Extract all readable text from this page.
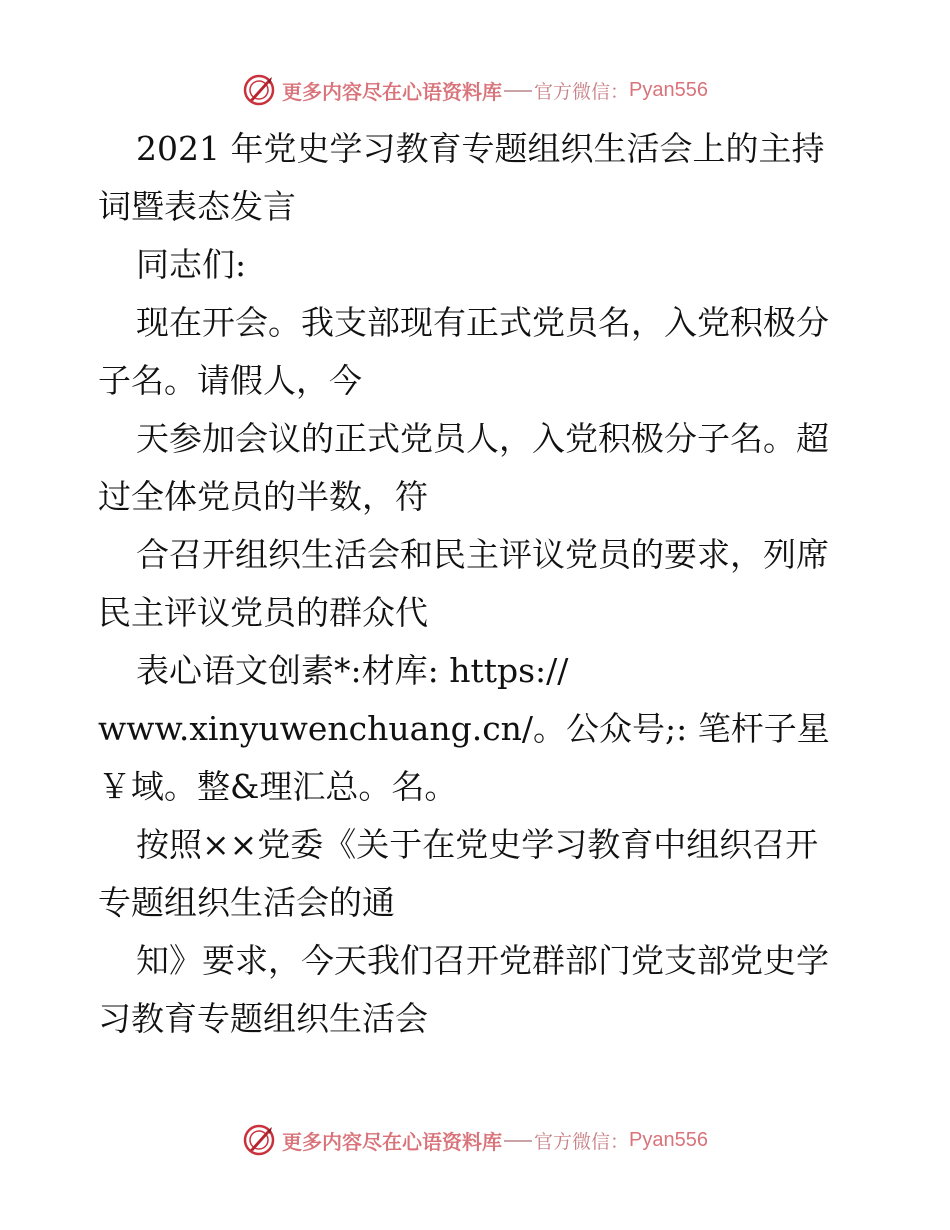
更多内容尽在心语资料库 官方微信： Pyan556
2021 年党史学习教育专题组织生活会上的主持
词暨表态发言
同志们:
现在开会。我支部现有正式党员名，入党积极分
子名。请假人，今
天参加会议的正式党员人，入党积极分子名。超
过全体党员的半数，符
合召开组织生活会和民主评议党员的要求，列席
民主评议党员的群众代
表心语文创素*:材库: https://
www.xinyuwenchuang.cn/。公众号;: 笔杆子星
￥域。整&理汇总。名。
按照××党委《关于在党史学习教育中组织召开
专题组织生活会的通
知》要求，今天我们召开党群部门党支部党史学
习教育专题组织生活会
更多内容尽在心语资料库 官方微信： Pyan556
